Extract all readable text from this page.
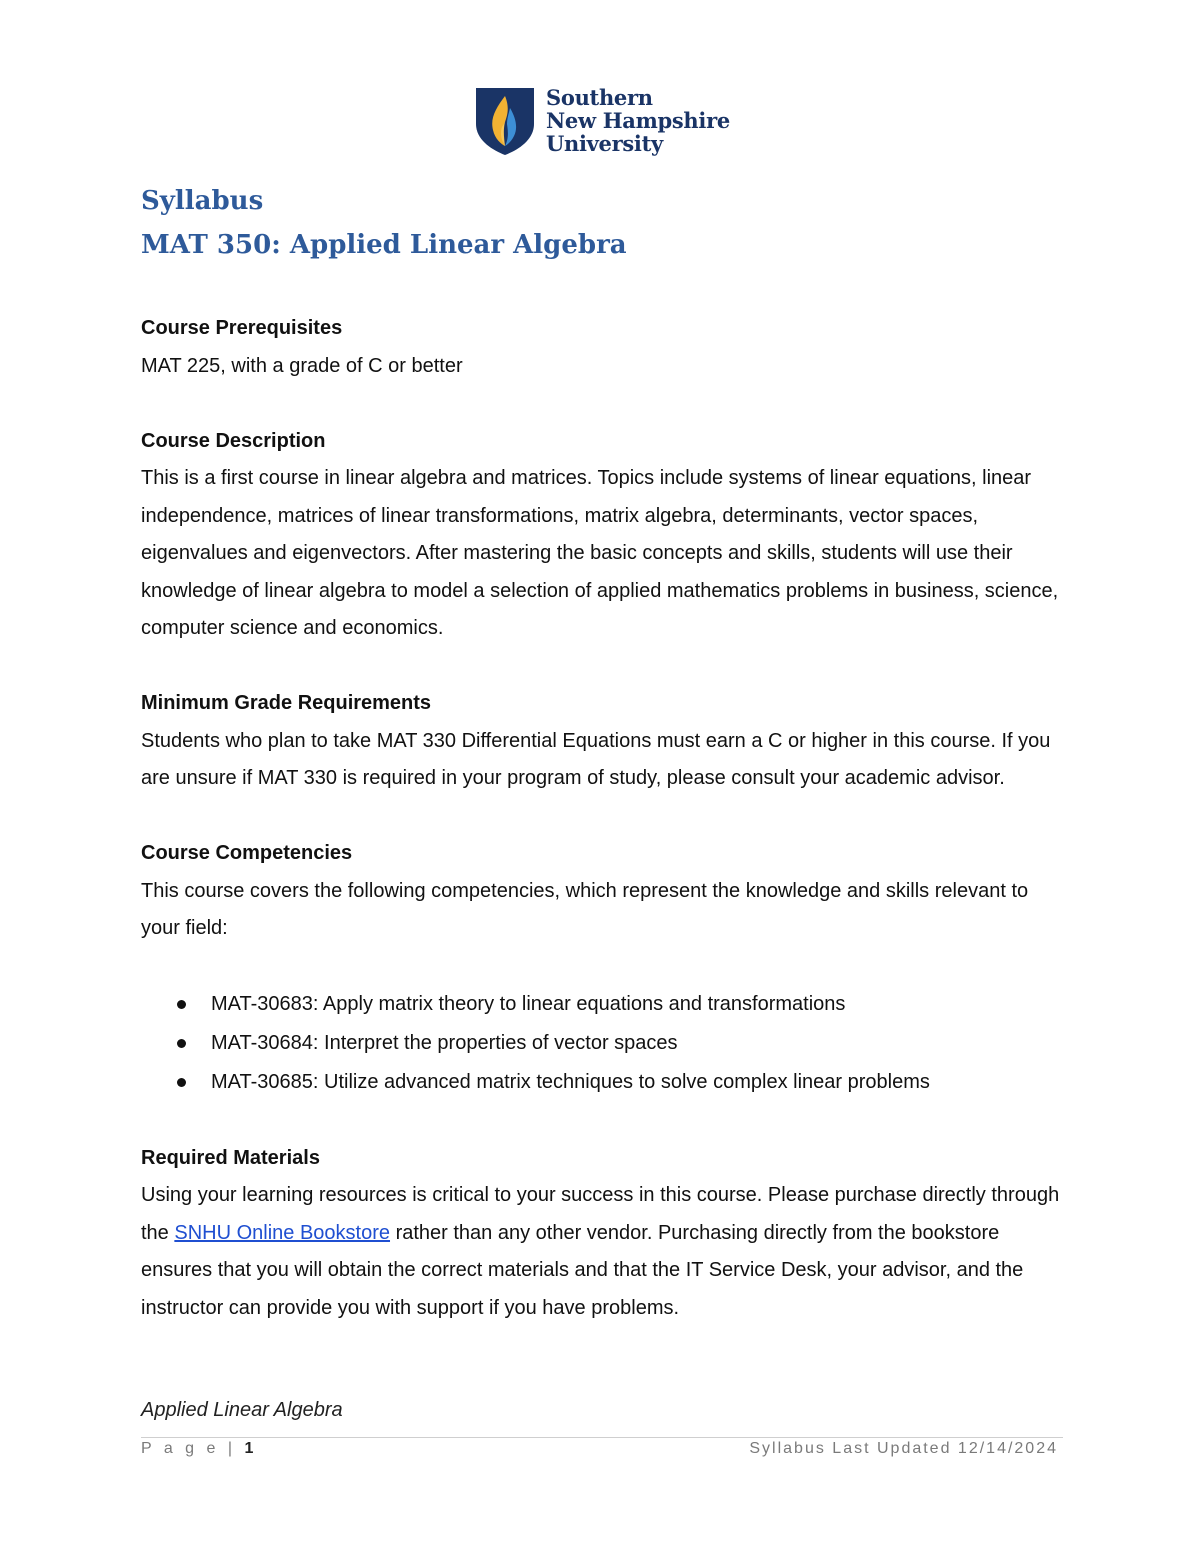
Southern
New Hampshire
University
Syllabus
MAT 350: Applied Linear Algebra

Course Prerequisites

MAT 225, with a grade of C or better

Course Description

This is a first course in linear algebra and matrices. Topics include systems of linear equations, linear independence, matrices of linear transformations, matrix algebra, determinants, vector spaces, eigenvalues and eigenvectors. After mastering the basic concepts and skills, students will use their knowledge of linear algebra to model a selection of applied mathematics problems in business, science, computer science and economics.

Minimum Grade Requirements

Students who plan to take MAT 330 Differential Equations must earn a C or higher in this course. If you are unsure if MAT 330 is required in your program of study, please consult your academic advisor.

Course Competencies

This course covers the following competencies, which represent the knowledge and skills relevant to your field:

MAT-30683: Apply matrix theory to linear equations and transformations
MAT-30684: Interpret the properties of vector spaces
MAT-30685: Utilize advanced matrix techniques to solve complex linear problems

Required Materials

Using your learning resources is critical to your success in this course. Please purchase directly through the SNHU Online Bookstore rather than any other vendor. Purchasing directly from the bookstore ensures that you will obtain the correct materials and that the IT Service Desk, your advisor, and the instructor can provide you with support if you have problems.

Applied Linear Algebra
P a g e | 1	Syllabus Last Updated 12/14/2024
